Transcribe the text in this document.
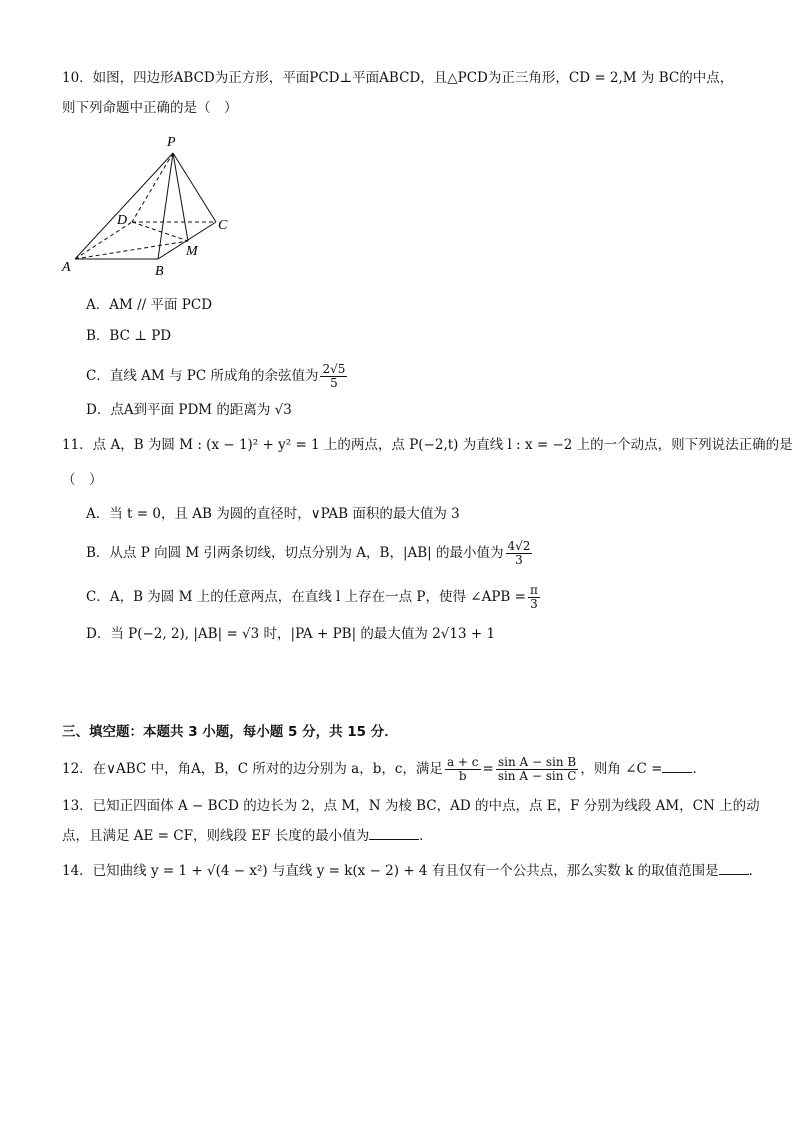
10．如图，四边形ABCD为正方形，平面PCD⊥平面ABCD，且△PCD为正三角形，CD = 2,M 为 BC的中点，
则下列命题中正确的是（　）
P
D	C
M
A	B
A．AM // 平面 PCD
B．BC ⊥ PD
C．直线 AM 与 PC 所成角的余弦值为 $\frac{2√5}{5}$
D．点A到平面 PDM 的距离为 √3
11．点 A，B 为圆 M : (x − 1)² + y² = 1 上的两点，点 P(−2,t) 为直线 l : x = −2 上的一个动点，则下列说法正确的是
（　）
A．当 t = 0，且 AB 为圆的直径时，∨PAB 面积的最大值为 3
B．从点 P 向圆 M 引两条切线，切点分别为 A，B，|AB| 的最小值为 $\frac{4√2}{3}$
C．A，B 为圆 M 上的任意两点，在直线 l 上存在一点 P，使得 ∠APB = $\frac{\pi}{3}$
D．当 P(−2, 2), |AB| = √3 时，|PA + PB| 的最大值为 2√13 + 1
三、填空题：本题共 3 小题，每小题 5 分，共 15 分．
12．在∨ABC 中，角A，B，C 所对的边分别为 a，b，c，满足 $\frac{a + c}{b} = \frac{\text{sin A − sin B}}{\text{sin A − sin C}}$ ，则角 ∠C = ．
13．已知正四面体 A − BCD 的边长为 2，点 M，N 为棱 BC，AD 的中点，点 E，F 分别为线段 AM，CN 上的动
点，且满足 AE = CF，则线段 EF 长度的最小值为	．
14．已知曲线 y = 1 + √(4 − x²) 与直线 y = k(x − 2) + 4 有且仅有一个公共点，那么实数 k 的取值范围是 ．
